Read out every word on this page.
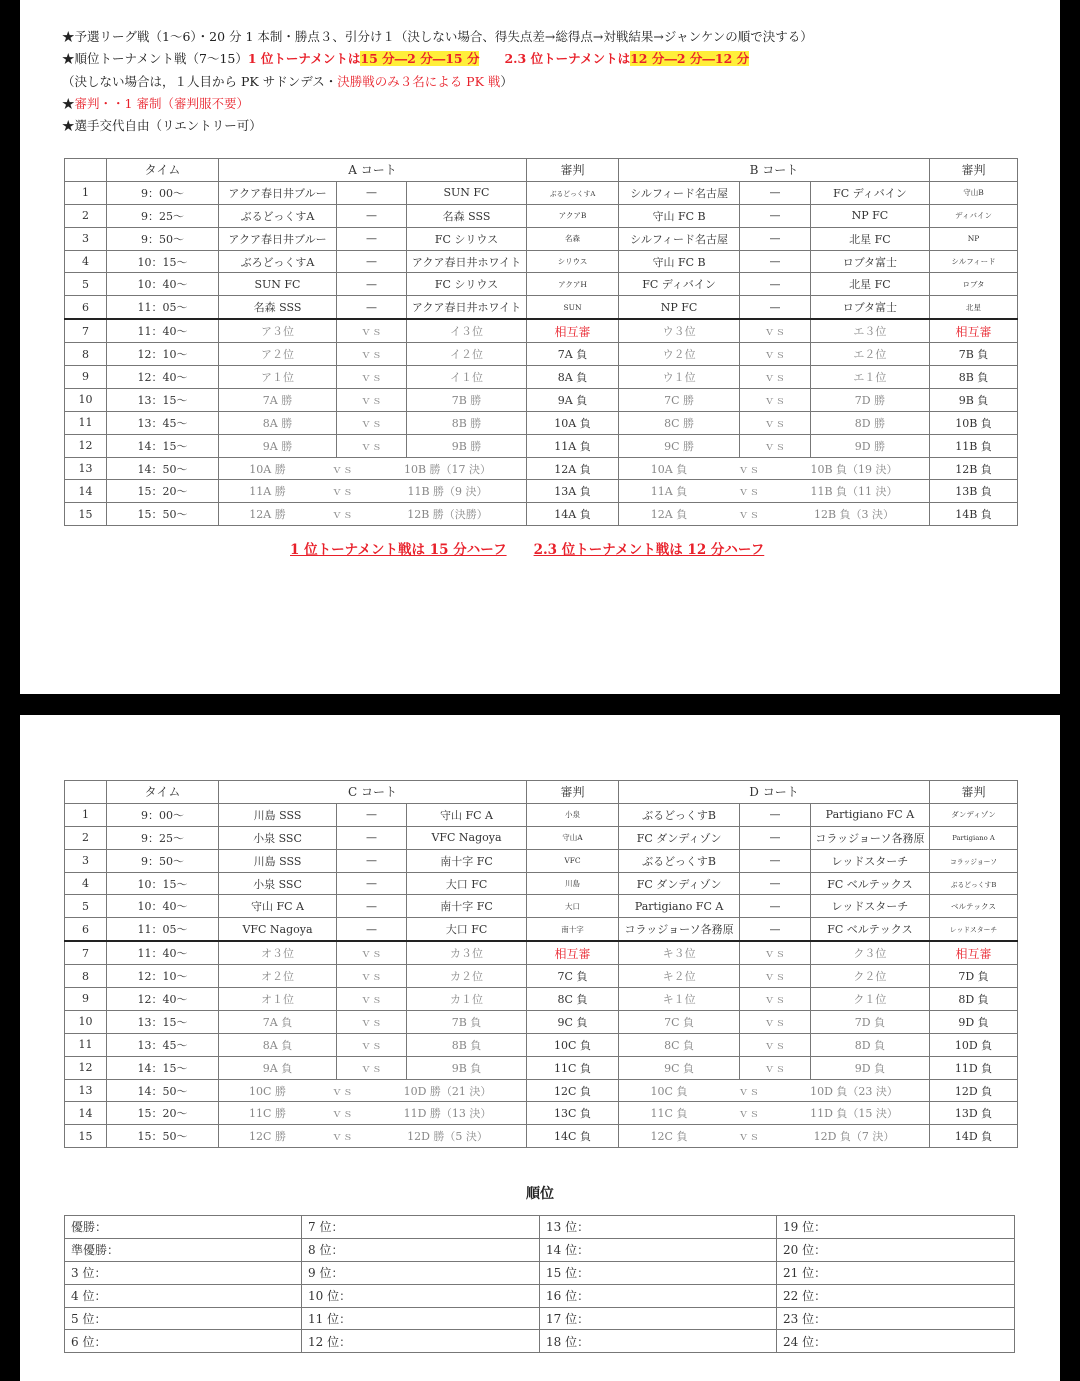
★予選リーグ戦（1～6）・20 分 1 本制・勝点３、引分け１（決しない場合、得失点差→総得点→対戦結果→ジャンケンの順で決する）
★順位トーナメント戦（7～15）1 位トーナメントは15 分―2 分―15 分　　 2.3 位トーナメントは12 分―2 分―12 分
（決しない場合は，１人目から PK サドンデス・決勝戦のみ３名による PK 戦）
★審判・・1 審制（審判服不要）
★選手交代自由（リエントリー可）
	タイム	A コート			審判	B コート			審判
1	9：00～	アクア春日井ブルー	—	SUN FC	ぶるどっくすA	シルフィード名古屋	—	FC ディバイン	守山B
2	9：25～	ぶるどっくすA	—	名森 SSS	アクアB	守山 FC B	—	NP FC	ディバイン
3	9：50～	アクア春日井ブルー	—	FC シリウス	名森	シルフィード名古屋	—	北星 FC	NP
4	10：15～	ぶろどっくすA	—	アクア春日井ホワイト	シリウス	守山 FC B	—	ロブタ富士	シルフィード
5	10：40～	SUN FC	—	FC シリウス	アクアH	FC ディバイン	—	北星 FC	ロブタ
6	11：05～	名森 SSS	—	アクア春日井ホワイト	SUN	NP FC	—	ロブタ富士	北星
7	11：40～	ア３位	ｖｓ	イ３位	相互審	ウ３位	ｖｓ	エ３位	相互審
8	12：10～	ア２位	ｖｓ	イ２位	7A 負	ウ２位	ｖｓ	エ２位	7B 負
9	12：40～	ア１位	ｖｓ	イ１位	8A 負	ウ１位	ｖｓ	エ１位	8B 負
10	13：15～	7A 勝	ｖｓ	7B 勝	9A 負	7C 勝	ｖｓ	7D 勝	9B 負
11	13：45～	8A 勝	ｖｓ	8B 勝	10A 負	8C 勝	ｖｓ	8D 勝	10B 負
12	14：15～	9A 勝	ｖｓ	9B 勝	11A 負	9C 勝	ｖｓ	9D 勝	11B 負
13	14：50～	10A 勝 ｖｓ 10B 勝（17 決）			12A 負	10A 負 ｖｓ 10B 負（19 決）			12B 負
14	15：20～	11A 勝 ｖｓ 11B 勝（9 決）			13A 負	11A 負 ｖｓ 11B 負（11 決）			13B 負
15	15：50～	12A 勝 ｖｓ 12B 勝（決勝）			14A 負	12A 負 ｖｓ 12B 負（3 決）			14B 負
1 位トーナメント戦は 15 分ハーフ　　 2.3 位トーナメント戦は 12 分ハーフ
	タイム	C コート			審判	D コート			審判
1	9：00～	川島 SSS	—	守山 FC A	小泉	ぶるどっくすB	—	Partigiano FC A	ダンディゾン
2	9：25～	小泉 SSC	—	VFC Nagoya	守山A	FC ダンディゾン	—	コラッジョーソ各務原	Partigiano A
3	9：50～	川島 SSS	—	南十字 FC	VFC	ぶるどっくすB	—	レッドスターチ	コラッジョーソ
4	10：15～	小泉 SSC	—	大口 FC	川島	FC ダンディゾン	—	FC ベルテックス	ぶるどっくすB
5	10：40～	守山 FC A	—	南十字 FC	大口	Partigiano FC A	—	レッドスターチ	ベルテックス
6	11：05～	VFC Nagoya	—	大口 FC	南十字	コラッジョーソ各務原	—	FC ベルテックス	レッドスターチ
7	11：40～	オ３位	ｖｓ	カ３位	相互審	キ３位	ｖｓ	ク３位	相互審
8	12：10～	オ２位	ｖｓ	カ２位	7C 負	キ２位	ｖｓ	ク２位	7D 負
9	12：40～	オ１位	ｖｓ	カ１位	8C 負	キ１位	ｖｓ	ク１位	8D 負
10	13：15～	7A 負	ｖｓ	7B 負	9C 負	7C 負	ｖｓ	7D 負	9D 負
11	13：45～	8A 負	ｖｓ	8B 負	10C 負	8C 負	ｖｓ	8D 負	10D 負
12	14：15～	9A 負	ｖｓ	9B 負	11C 負	9C 負	ｖｓ	9D 負	11D 負
13	14：50～	10C 勝 ｖｓ 10D 勝（21 決）			12C 負	10C 負 ｖｓ 10D 負（23 決）			12D 負
14	15：20～	11C 勝 ｖｓ 11D 勝（13 決）			13C 負	11C 負 ｖｓ 11D 負（15 決）			13D 負
15	15：50～	12C 勝 ｖｓ 12D 勝（5 決）			14C 負	12C 負 ｖｓ 12D 負（7 決）			14D 負
順位
優勝：	7 位：	13 位：	19 位：
準優勝：	8 位：	14 位：	20 位：
3 位：	9 位：	15 位：	21 位：
4 位：	10 位：	16 位：	22 位：
5 位：	11 位：	17 位：	23 位：
6 位：	12 位：	18 位：	24 位：
